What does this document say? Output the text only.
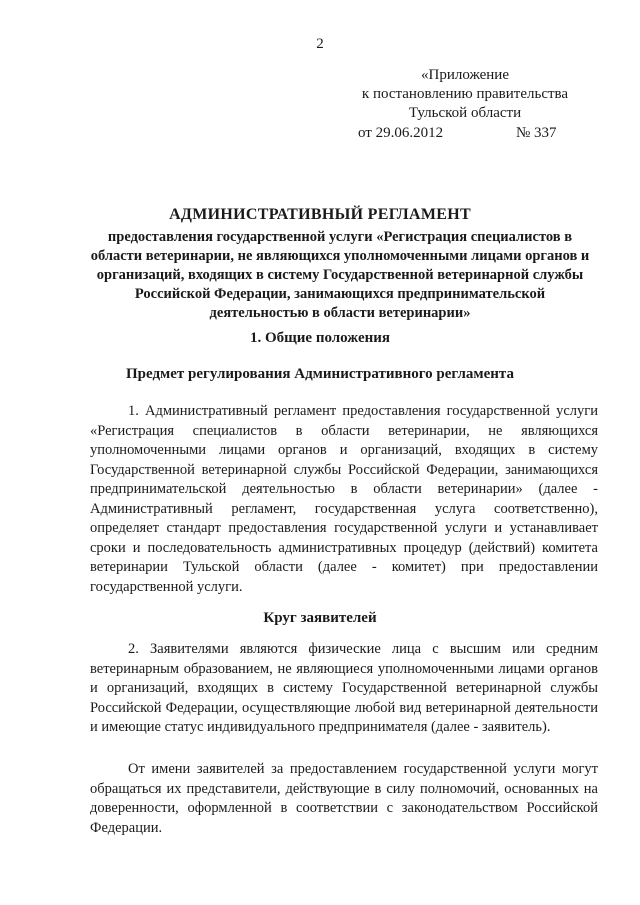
2
«Приложение
к постановлению правительства
Тульской области
от 29.06.2012	№ 337
АДМИНИСТРАТИВНЫЙ РЕГЛАМЕНТ
предоставления государственной услуги «Регистрация специалистов в области ветеринарии, не являющихся уполномоченными лицами органов и организаций, входящих в систему Государственной ветеринарной службы Российской Федерации, занимающихся предпринимательской деятельностью в области ветеринарии»
1. Общие положения
Предмет регулирования Административного регламента
1. Административный регламент предоставления государственной услуги «Регистрация специалистов в области ветеринарии, не являющихся уполномоченными лицами органов и организаций, входящих в систему Государственной ветеринарной службы Российской Федерации, занимающихся предпринимательской деятельностью в области ветеринарии» (далее - Административный регламент, государственная услуга соответственно), определяет стандарт предоставления государственной услуги и устанавливает сроки и последовательность административных процедур (действий) комитета ветеринарии Тульской области (далее - комитет) при предоставлении государственной услуги.
Круг заявителей
2. Заявителями являются физические лица с высшим или средним ветеринарным образованием, не являющиеся уполномоченными лицами органов и организаций, входящих в систему Государственной ветеринарной службы Российской Федерации, осуществляющие любой вид ветеринарной деятельности и имеющие статус индивидуального предпринимателя (далее - заявитель).
От имени заявителей за предоставлением государственной услуги могут обращаться их представители, действующие в силу полномочий, основанных на доверенности, оформленной в соответствии с законодательством Российской Федерации.
